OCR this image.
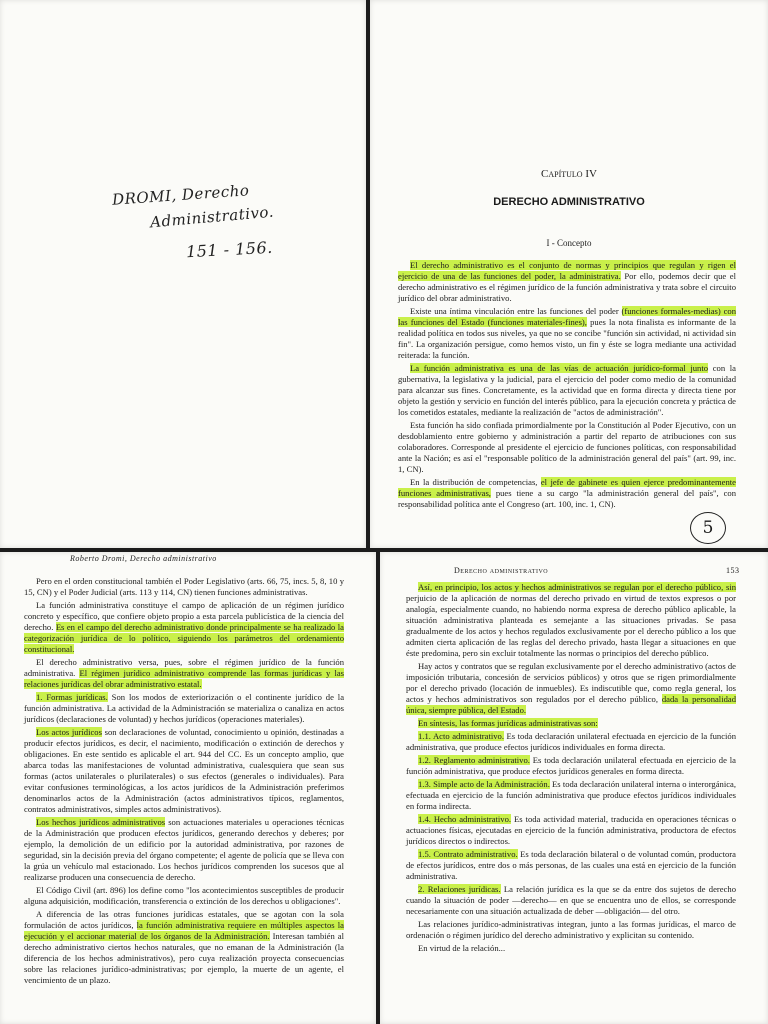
DROMI, Derecho
Administrativo.
151 - 156.
Capítulo IV
DERECHO ADMINISTRATIVO
I - Concepto

El derecho administrativo es el conjunto de normas y principios que regulan y rigen el ejercicio de una de las funciones del poder, la administrativa. Por ello, podemos decir que el derecho administrativo es el régimen jurídico de la función administrativa y trata sobre el circuito jurídico del obrar administrativo.

Existe una íntima vinculación entre las funciones del poder (funciones formales-medias) con las funciones del Estado (funciones materiales-fines), pues la nota finalista es informante de la realidad política en todos sus niveles, ya que no se concibe "función sin actividad, ni actividad sin fin". La organización persigue, como hemos visto, un fin y éste se logra mediante una actividad reiterada: la función.

La función administrativa es una de las vías de actuación jurídico-formal junto con la gubernativa, la legislativa y la judicial, para el ejercicio del poder como medio de la comunidad para alcanzar sus fines. Concretamente, es la actividad que en forma directa y directa tiene por objeto la gestión y servicio en función del interés público, para la ejecución concreta y práctica de los cometidos estatales, mediante la realización de "actos de administración".

Esta función ha sido confiada primordialmente por la Constitución al Poder Ejecutivo, con un desdoblamiento entre gobierno y administración a partir del reparto de atribuciones con sus colaboradores. Corresponde al presidente el ejercicio de funciones políticas, con responsabilidad ante la Nación; es así el "responsable político de la administración general del país" (art. 99, inc. 1, CN).

En la distribución de competencias, el jefe de gabinete es quien ejerce predominantemente funciones administrativas, pues tiene a su cargo "la administración general del país", con responsabilidad política ante el Congreso (art. 100, inc. 1, CN).

5
Roberto Dromi, Derecho administrativo

Pero en el orden constitucional también el Poder Legislativo (arts. 66, 75, incs. 5, 8, 10 y 15, CN) y el Poder Judicial (arts. 113 y 114, CN) tienen funciones administrativas.

La función administrativa constituye el campo de aplicación de un régimen jurídico concreto y específico, que confiere objeto propio a esta parcela publicística de la ciencia del derecho. Es en el campo del derecho administrativo donde principalmente se ha realizado la categorización jurídica de lo político, siguiendo los parámetros del ordenamiento constitucional.

El derecho administrativo versa, pues, sobre el régimen jurídico de la función administrativa. El régimen jurídico administrativo comprende las formas jurídicas y las relaciones jurídicas del obrar administrativo estatal.

1. Formas jurídicas. Son los modos de exteriorización o el continente jurídico de la función administrativa. La actividad de la Administración se materializa o canaliza en actos jurídicos (declaraciones de voluntad) y hechos jurídicos (operaciones materiales).

Los actos jurídicos son declaraciones de voluntad, conocimiento u opinión, destinadas a producir efectos jurídicos, es decir, el nacimiento, modificación o extinción de derechos y obligaciones. En este sentido es aplicable el art. 944 del CC. Es un concepto amplio, que abarca todas las manifestaciones de voluntad administrativa, cualesquiera que sean sus formas (actos unilaterales o plurilaterales) o sus efectos (generales o individuales). Para evitar confusiones terminológicas, a los actos jurídicos de la Administración preferimos denominarlos actos de la Administración (actos administrativos típicos, reglamentos, contratos administrativos, simples actos administrativos).

Los hechos jurídicos administrativos son actuaciones materiales u operaciones técnicas de la Administración que producen efectos jurídicos, generando derechos y deberes; por ejemplo, la demolición de un edificio por la autoridad administrativa, por razones de seguridad, sin la decisión previa del órgano competente; el agente de policía que se lleva con la grúa un vehículo mal estacionado. Los hechos jurídicos comprenden los sucesos que al realizarse producen una consecuencia de derecho.

El Código Civil (art. 896) los define como "los acontecimientos susceptibles de producir alguna adquisición, modificación, transferencia o extinción de los derechos u obligaciones".

A diferencia de las otras funciones jurídicas estatales, que se agotan con la sola formulación de actos jurídicos, la función administrativa requiere en múltiples aspectos la ejecución y el accionar material de los órganos de la Administración. Interesan también al derecho administrativo ciertos hechos naturales, que no emanan de la Administración (la diferencia de los hechos administrativos), pero cuya realización proyecta consecuencias sobre las relaciones jurídico-administrativas; por ejemplo, la muerte de un agente, el vencimiento de un plazo.

Derecho administrativo	153

Así, en principio, los actos y hechos administrativos se regulan por el derecho público, sin perjuicio de la aplicación de normas del derecho privado en virtud de textos expresos o por analogía, especialmente cuando, no habiendo norma expresa de derecho público aplicable, la situación administrativa planteada es semejante a las situaciones privadas. Se pasa gradualmente de los actos y hechos regulados exclusivamente por el derecho público a los que admiten cierta aplicación de las reglas del derecho privado, hasta llegar a situaciones en que éste predomina, pero sin excluir totalmente las normas o principios del derecho público.

Hay actos y contratos que se regulan exclusivamente por el derecho administrativo (actos de imposición tributaria, concesión de servicios públicos) y otros que se rigen primordialmente por el derecho privado (locación de inmuebles). Es indiscutible que, como regla general, los actos y hechos administrativos son regulados por el derecho público, dada la personalidad única, siempre pública, del Estado.

En síntesis, las formas jurídicas administrativas son:

1.1. Acto administrativo. Es toda declaración unilateral efectuada en ejercicio de la función administrativa, que produce efectos jurídicos individuales en forma directa.

1.2. Reglamento administrativo. Es toda declaración unilateral efectuada en ejercicio de la función administrativa, que produce efectos jurídicos generales en forma directa.

1.3. Simple acto de la Administración. Es toda declaración unilateral interna o interorgánica, efectuada en ejercicio de la función administrativa que produce efectos jurídicos individuales en forma indirecta.

1.4. Hecho administrativo. Es toda actividad material, traducida en operaciones técnicas o actuaciones físicas, ejecutadas en ejercicio de la función administrativa, productora de efectos jurídicos directos o indirectos.

1.5. Contrato administrativo. Es toda declaración bilateral o de voluntad común, productora de efectos jurídicos, entre dos o más personas, de las cuales una está en ejercicio de la función administrativa.

2. Relaciones jurídicas. La relación jurídica es la que se da entre dos sujetos de derecho cuando la situación de poder —derecho— en que se encuentra uno de ellos, se corresponde necesariamente con una situación actualizada de deber —obligación— del otro.

Las relaciones jurídico-administrativas integran, junto a las formas jurídicas, el marco de ordenación o régimen jurídico del derecho administrativo y explicitan su contenido.

En virtud de la relación...
